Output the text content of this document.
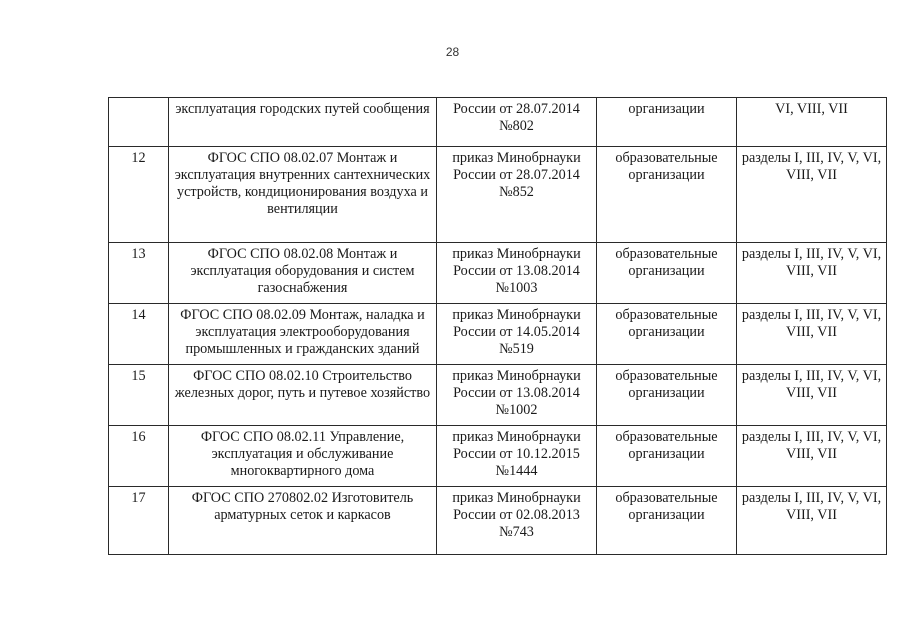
28
	эксплуатация городских путей сообщения	России от 28.07.2014 №802	организации	VI, VIII, VII
12	ФГОС СПО 08.02.07 Монтаж и эксплуатация внутренних сантехнических устройств, кондиционирования воздуха и вентиляции	приказ Минобрнауки России от 28.07.2014 №852	образовательные организации	разделы I, III, IV, V, VI, VIII, VII
13	ФГОС СПО 08.02.08 Монтаж и эксплуатация оборудования и систем газоснабжения	приказ Минобрнауки России от 13.08.2014 №1003	образовательные организации	разделы I, III, IV, V, VI, VIII, VII
14	ФГОС СПО 08.02.09 Монтаж, наладка и эксплуатация электрооборудования промышленных и гражданских зданий	приказ Минобрнауки России от 14.05.2014 №519	образовательные организации	разделы I, III, IV, V, VI, VIII, VII
15	ФГОС СПО 08.02.10 Строительство железных дорог, путь и путевое хозяйство	приказ Минобрнауки России от 13.08.2014 №1002	образовательные организации	разделы I, III, IV, V, VI, VIII, VII
16	ФГОС СПО 08.02.11 Управление, эксплуатация и обслуживание многоквартирного дома	приказ Минобрнауки России от 10.12.2015 №1444	образовательные организации	разделы I, III, IV, V, VI, VIII, VII
17	ФГОС СПО 270802.02 Изготовитель арматурных сеток и каркасов	приказ Минобрнауки России от 02.08.2013 №743	образовательные организации	разделы I, III, IV, V, VI, VIII, VII
